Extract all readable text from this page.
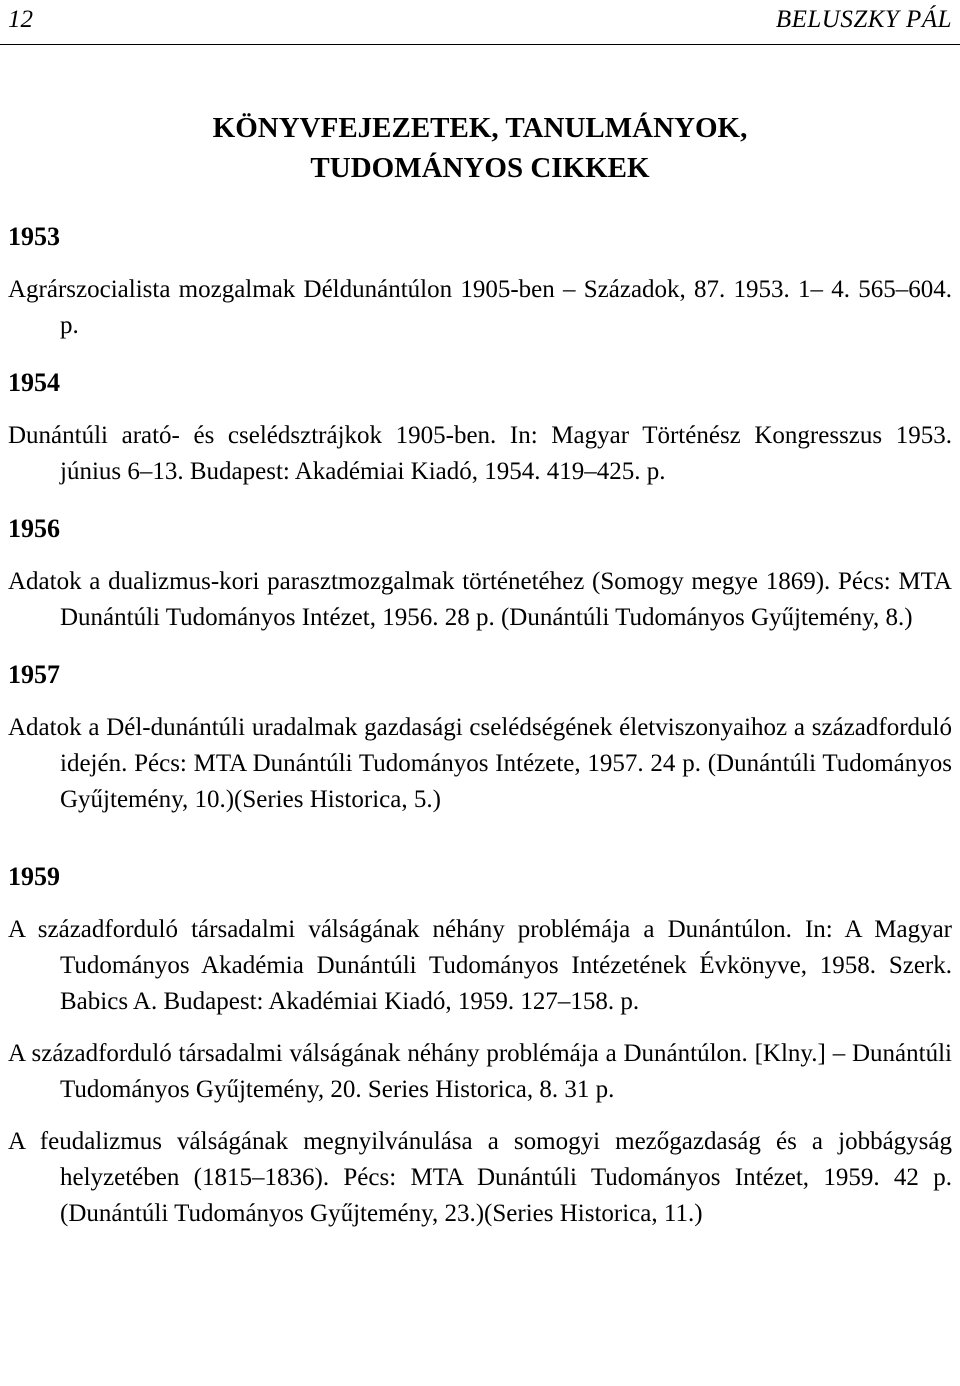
12	BELUSZKY PÁL
KÖNYVFEJEZETEK, TANULMÁNYOK,
TUDOMÁNYOS CIKKEK

1953

Agrárszocialista mozgalmak Déldunántúlon 1905-ben – Századok, 87. 1953. 1– 4. 565–604. p.

1954

Dunántúli arató- és cselédsztrájkok 1905-ben. In: Magyar Történész Kongresszus 1953. június 6–13. Budapest: Akadémiai Kiadó, 1954. 419–425. p.

1956

Adatok a dualizmus-kori parasztmozgalmak történetéhez (Somogy megye 1869). Pécs: MTA Dunántúli Tudományos Intézet, 1956. 28 p. (Dunántúli Tudományos Gyűjtemény, 8.)

1957

Adatok a Dél-dunántúli uradalmak gazdasági cselédségének életviszonyaihoz a századforduló idején. Pécs: MTA Dunántúli Tudományos Intézete, 1957. 24 p. (Dunántúli Tudományos Gyűjtemény, 10.)(Series Historica, 5.)

1959

A századforduló társadalmi válságának néhány problémája a Dunántúlon. In: A Magyar Tudományos Akadémia Dunántúli Tudományos Intézetének Évkönyve, 1958. Szerk. Babics A. Budapest: Akadémiai Kiadó, 1959. 127–158. p.

A századforduló társadalmi válságának néhány problémája a Dunántúlon. [Klny.] – Dunántúli Tudományos Gyűjtemény, 20. Series Historica, 8. 31 p.

A feudalizmus válságának megnyilvánulása a somogyi mezőgazdaság és a jobbágyság helyzetében (1815–1836). Pécs: MTA Dunántúli Tudományos Intézet, 1959. 42 p. (Dunántúli Tudományos Gyűjtemény, 23.)(Series Historica, 11.)
